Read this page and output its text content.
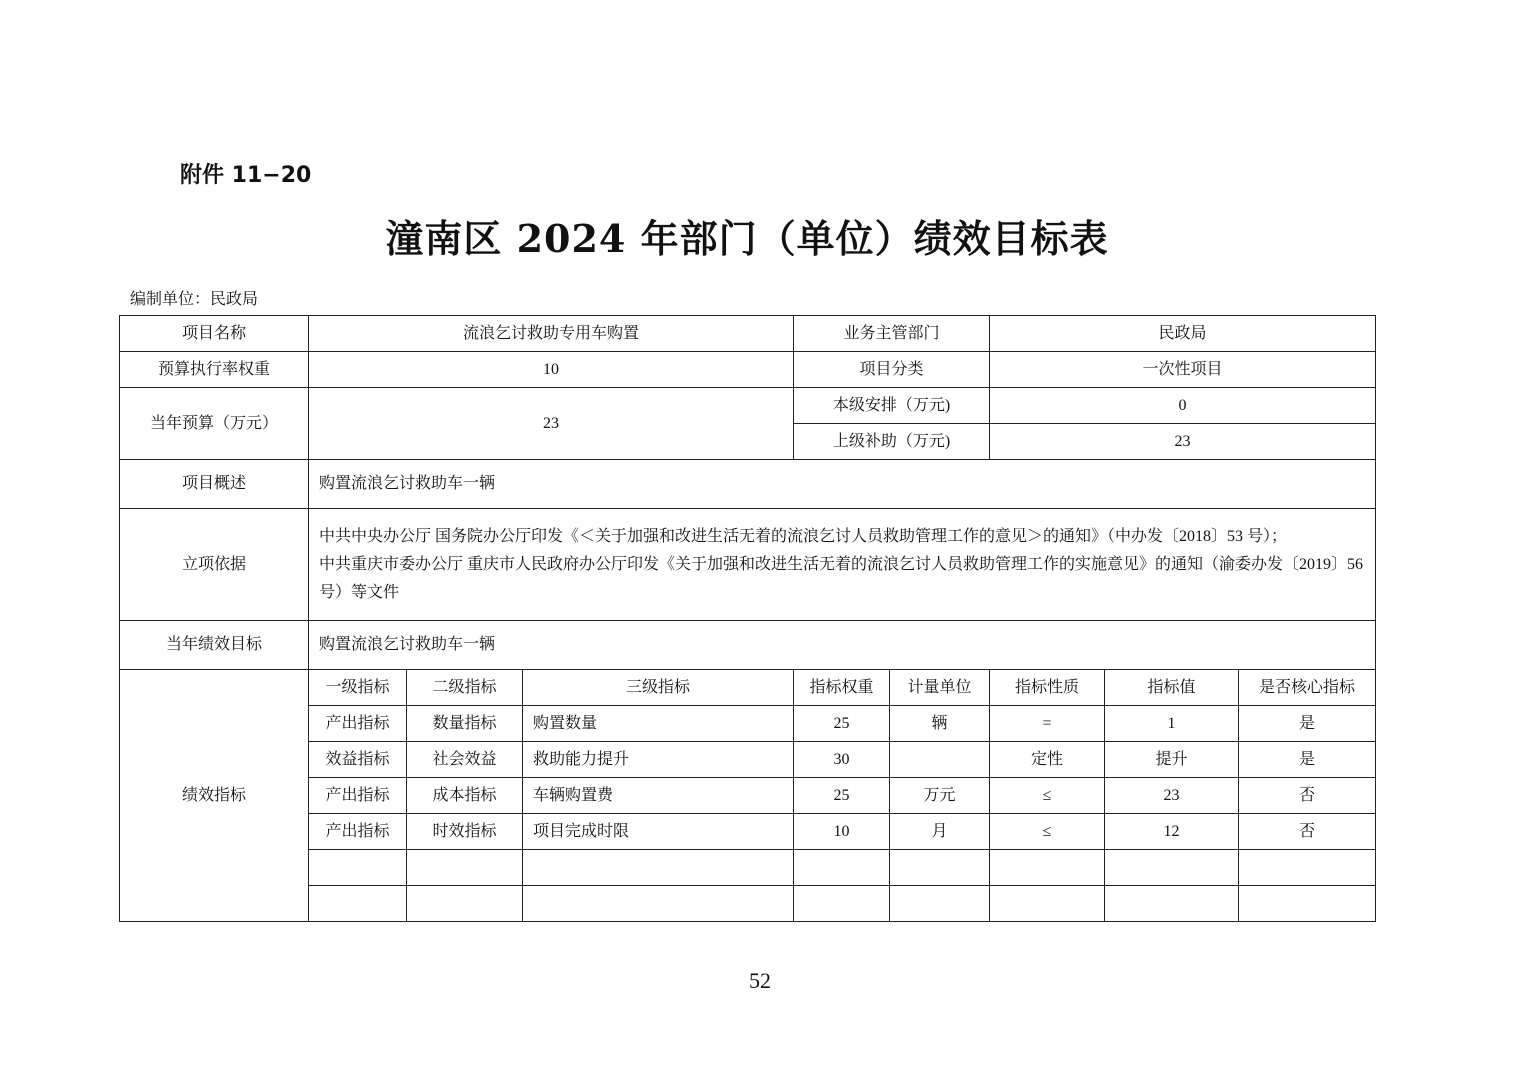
附件 11−20
潼南区 2024 年部门（单位）绩效目标表
编制单位：民政局
项目名称	流浪乞讨救助专用车购置			业务主管部门		民政局		
预算执行率权重	10			项目分类		一次性项目		
当年预算（万元）	23			本级安排（万元)		0		
				上级补助（万元)		23		
项目概述	购置流浪乞讨救助车一辆							
立项依据	中共中央办公厅 国务院办公厅印发《＜关于加强和改进生活无着的流浪乞讨人员救助管理工作的意见＞的通知》（中办发〔2018〕53 号）；
中共重庆市委办公厅 重庆市人民政府办公厅印发《关于加强和改进生活无着的流浪乞讨人员救助管理工作的实施意见》的通知（渝委办发〔2019〕56 号）等文件							

当年绩效目标	购置流浪乞讨救助车一辆							
绩效指标	一级指标	二级指标	三级指标	指标权重	计量单位	指标性质	指标值	是否核心指标
	产出指标	数量指标	购置数量	25	辆	=	1	是
	效益指标	社会效益	救助能力提升	30		定性	提升	是
	产出指标	成本指标	车辆购置费	25	万元	≤	23	否
	产出指标	时效指标	项目完成时限	10	月	≤	12	否

52
